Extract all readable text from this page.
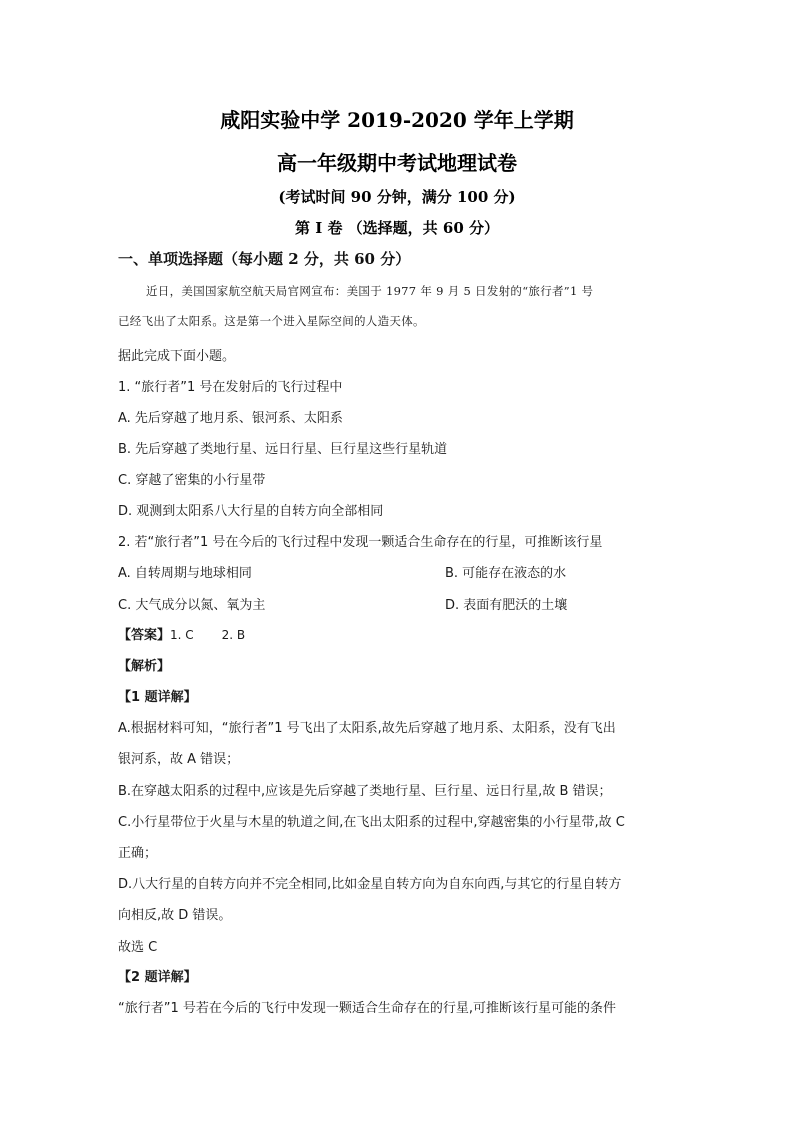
咸阳实验中学 2019-2020 学年上学期
高一年级期中考试地理试卷
(考试时间 90 分钟，满分 100 分)
第 I 卷 （选择题，共 60 分）
一、单项选择题（每小题 2 分，共 60 分）
近日，美国国家航空航天局官网宣布：美国于 1977 年 9 月 5 日发射的“旅行者”1 号
已经飞出了太阳系。这是第一个进入星际空间的人造天体。
据此完成下面小题。
1. “旅行者”1 号在发射后的飞行过程中
A. 先后穿越了地月系、银河系、太阳系
B. 先后穿越了类地行星、远日行星、巨行星这些行星轨道
C. 穿越了密集的小行星带
D. 观测到太阳系八大行星的自转方向全部相同
2. 若“旅行者”1 号在今后的飞行过程中发现一颗适合生命存在的行星，可推断该行星
A. 自转周期与地球相同	B. 可能存在液态的水
C. 大气成分以氮、氧为主	D. 表面有肥沃的土壤
【答案】1. C 2. B
【解析】
【1 题详解】
A.根据材料可知，“旅行者”1 号飞出了太阳系,故先后穿越了地月系、太阳系，没有飞出
银河系，故 A 错误；
B.在穿越太阳系的过程中,应该是先后穿越了类地行星、巨行星、远日行星,故 B 错误；
C.小行星带位于火星与木星的轨道之间,在飞出太阳系的过程中,穿越密集的小行星带,故 C
正确；
D.八大行星的自转方向并不完全相同,比如金星自转方向为自东向西,与其它的行星自转方
向相反,故 D 错误。
故选 C
【2 题详解】
“旅行者”1 号若在今后的飞行中发现一颗适合生命存在的行星,可推断该行星可能的条件
